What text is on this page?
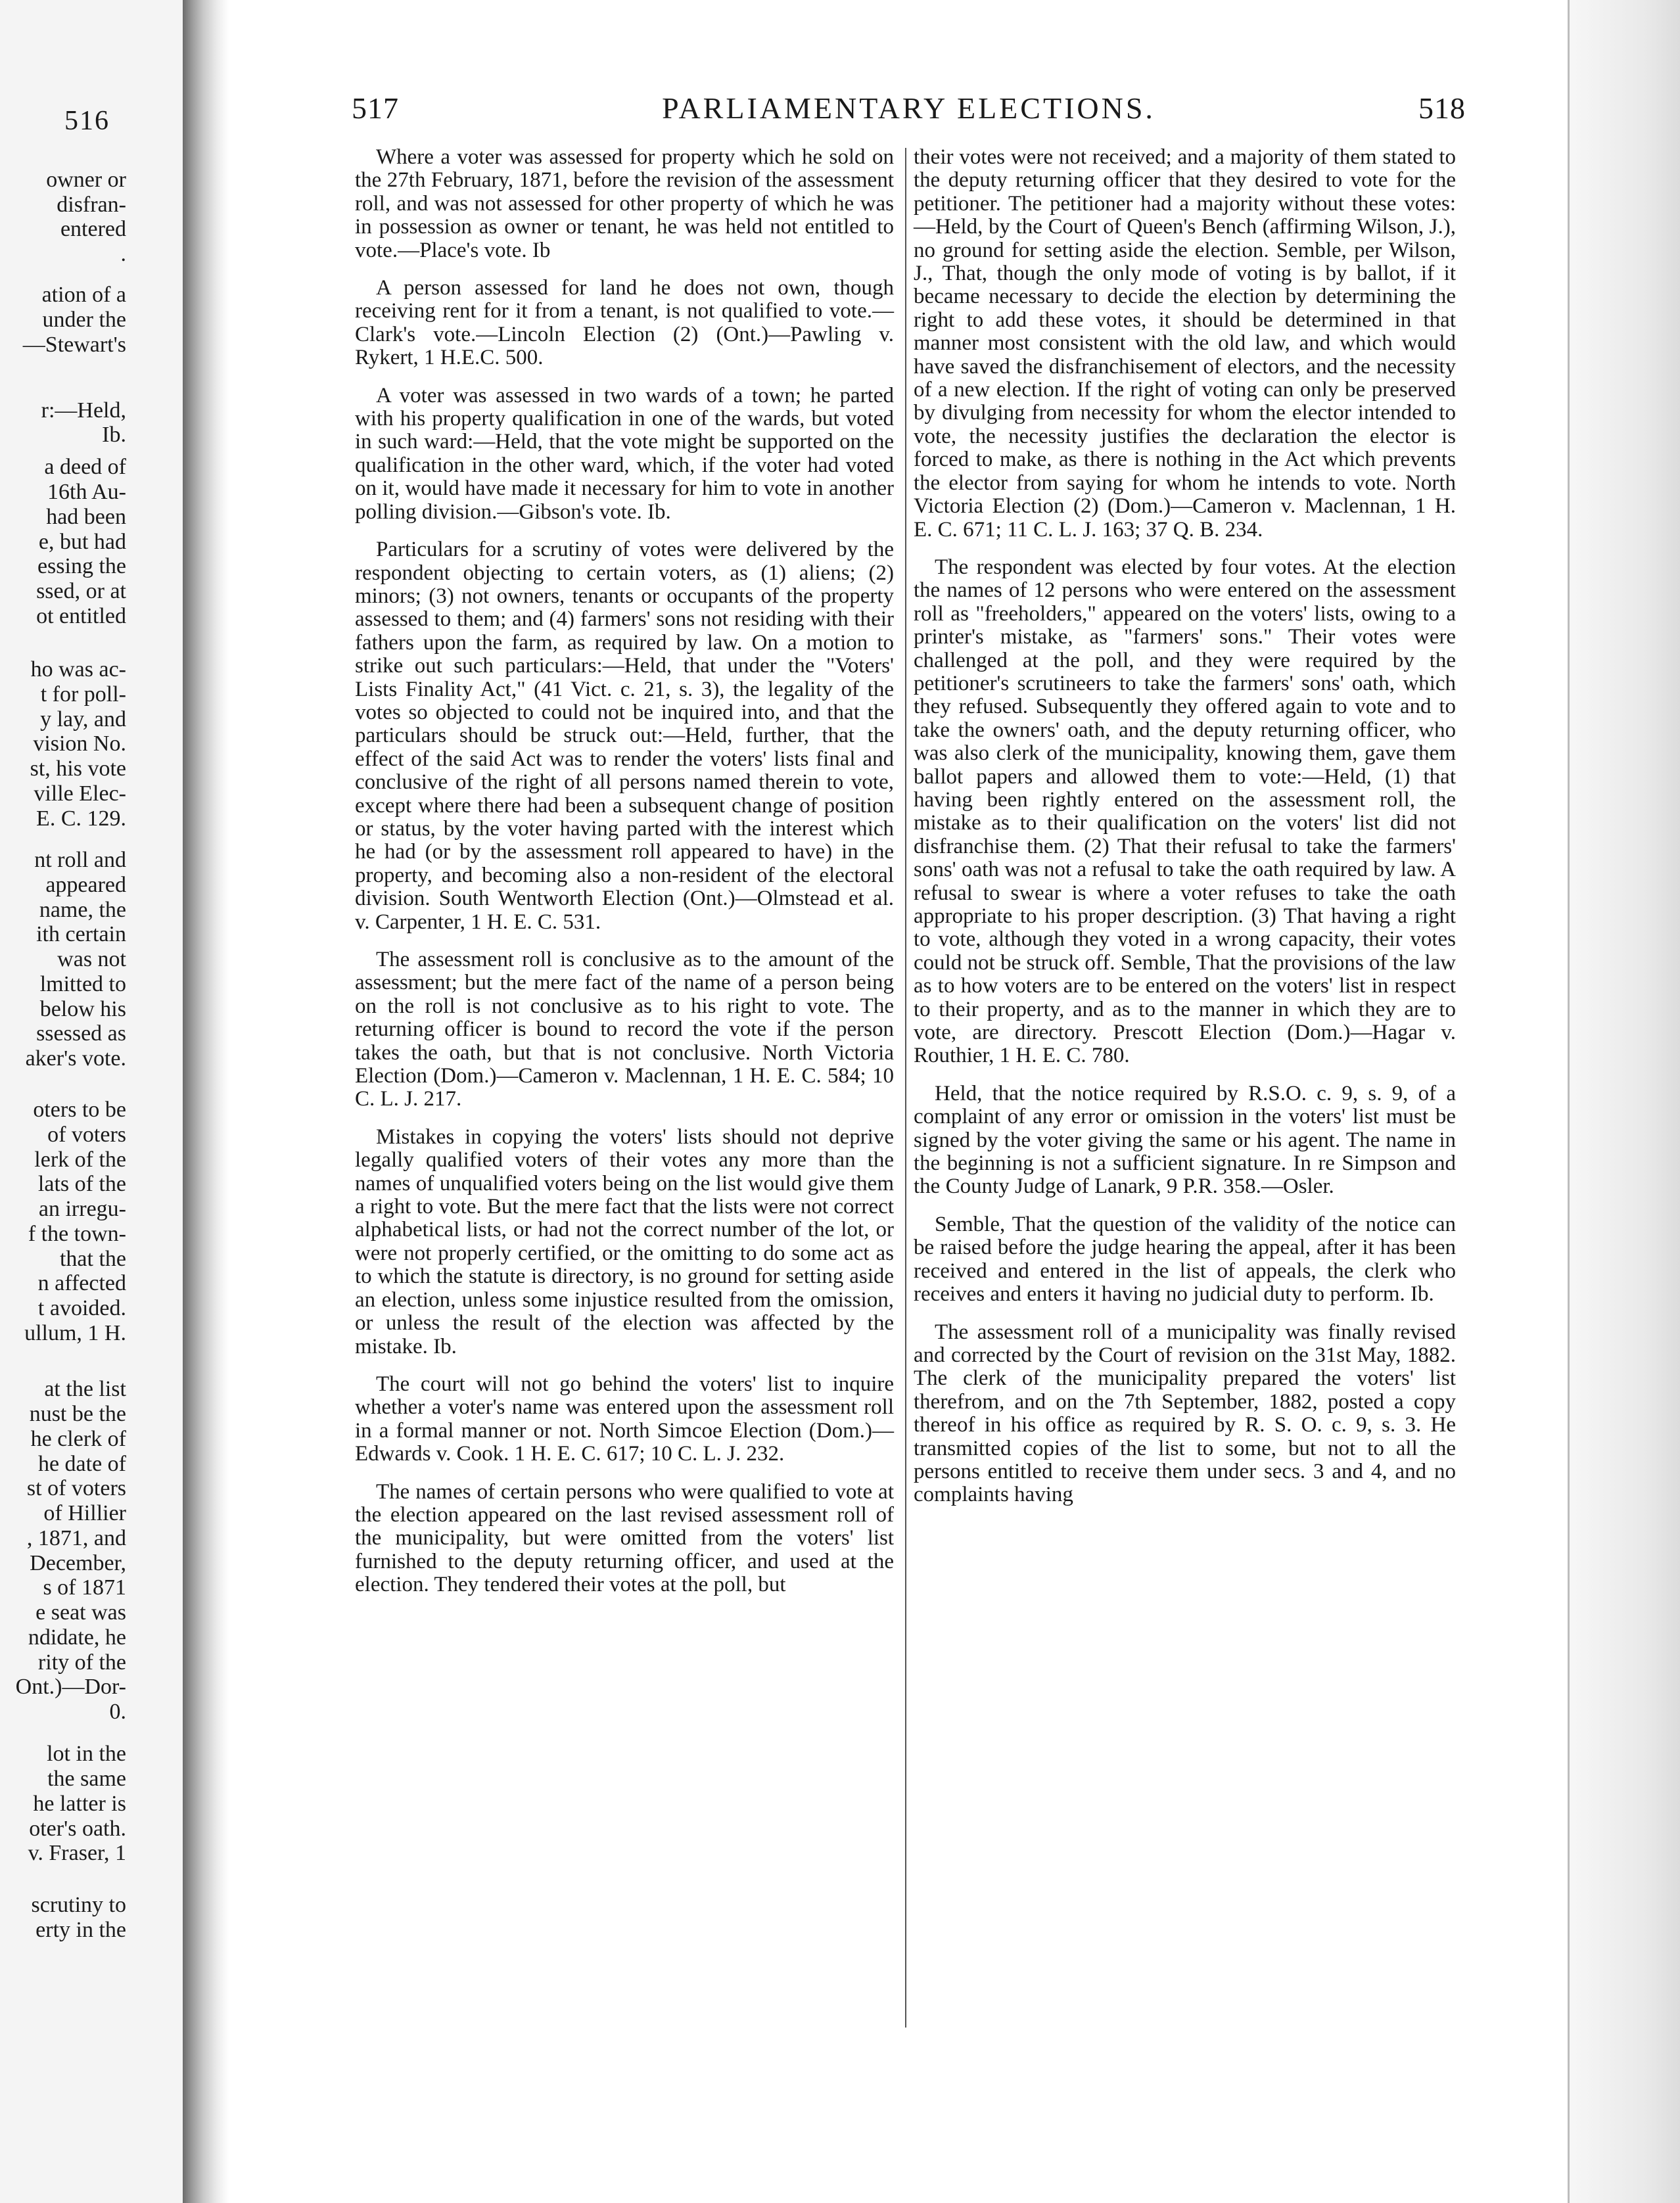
516
owner or
disfran-
entered
.
ation of a
under the
—Stewart's
r:—Held,
Ib.
a deed of
16th Au-
had been
e, but had
essing the
ssed, or at
ot entitled
ho was ac-
t for poll-
y lay, and
vision No.
st, his vote
ville Elec-
E. C. 129.
nt roll and
appeared
name, the
ith certain
was not
lmitted to
below his
ssessed as
aker's vote.
oters to be
of voters
lerk of the
lats of the
an irregu-
f the town-
that the
n affected
t avoided.
ullum, 1 H.
at the list
nust be the
he clerk of
he date of
st of voters
of Hillier
, 1871, and
December,
s of 1871
e seat was
ndidate, he
rity of the
Ont.)—Dor-
0.
lot in the
the same
he latter is
oter's oath.
v. Fraser, 1
scrutiny to
erty in the
517	PARLIAMENTARY ELECTIONS.	518

Where a voter was assessed for property which he sold on the 27th February, 1871, before the revision of the assessment roll, and was not assessed for other property of which he was in possession as owner or tenant, he was held not entitled to vote.—Place's vote. Ib

A person assessed for land he does not own, though receiving rent for it from a tenant, is not qualified to vote.—Clark's vote.—Lincoln Election (2) (Ont.)—Pawling v. Rykert, 1 H.E.C. 500.

A voter was assessed in two wards of a town; he parted with his property qualification in one of the wards, but voted in such ward:—Held, that the vote might be supported on the qualification in the other ward, which, if the voter had voted on it, would have made it necessary for him to vote in another polling division.—Gibson's vote. Ib.

Particulars for a scrutiny of votes were delivered by the respondent objecting to certain voters, as (1) aliens; (2) minors; (3) not owners, tenants or occupants of the property assessed to them; and (4) farmers' sons not residing with their fathers upon the farm, as required by law. On a motion to strike out such particulars:—Held, that under the "Voters' Lists Finality Act," (41 Vict. c. 21, s. 3), the legality of the votes so objected to could not be inquired into, and that the particulars should be struck out:—Held, further, that the effect of the said Act was to render the voters' lists final and conclusive of the right of all persons named therein to vote, except where there had been a subsequent change of position or status, by the voter having parted with the interest which he had (or by the assessment roll appeared to have) in the property, and becoming also a non-resident of the electoral division. South Wentworth Election (Ont.)—Olmstead et al. v. Carpenter, 1 H. E. C. 531.

The assessment roll is conclusive as to the amount of the assessment; but the mere fact of the name of a person being on the roll is not conclusive as to his right to vote. The returning officer is bound to record the vote if the person takes the oath, but that is not conclusive. North Victoria Election (Dom.)—Cameron v. Maclennan, 1 H. E. C. 584; 10 C. L. J. 217.

Mistakes in copying the voters' lists should not deprive legally qualified voters of their votes any more than the names of unqualified voters being on the list would give them a right to vote. But the mere fact that the lists were not correct alphabetical lists, or had not the correct number of the lot, or were not properly certified, or the omitting to do some act as to which the statute is directory, is no ground for setting aside an election, unless some injustice resulted from the omission, or unless the result of the election was affected by the mistake. Ib.

The court will not go behind the voters' list to inquire whether a voter's name was entered upon the assessment roll in a formal manner or not. North Simcoe Election (Dom.)—Edwards v. Cook. 1 H. E. C. 617; 10 C. L. J. 232.

The names of certain persons who were qualified to vote at the election appeared on the last revised assessment roll of the municipality, but were omitted from the voters' list furnished to the deputy returning officer, and used at the election. They tendered their votes at the poll, but

their votes were not received; and a majority of them stated to the deputy returning officer that they desired to vote for the petitioner. The petitioner had a majority without these votes:—Held, by the Court of Queen's Bench (affirming Wilson, J.), no ground for setting aside the election. Semble, per Wilson, J., That, though the only mode of voting is by ballot, if it became necessary to decide the election by determining the right to add these votes, it should be determined in that manner most consistent with the old law, and which would have saved the disfranchisement of electors, and the necessity of a new election. If the right of voting can only be preserved by divulging from necessity for whom the elector intended to vote, the necessity justifies the declaration the elector is forced to make, as there is nothing in the Act which prevents the elector from saying for whom he intends to vote. North Victoria Election (2) (Dom.)—Cameron v. Maclennan, 1 H. E. C. 671; 11 C. L. J. 163; 37 Q. B. 234.

The respondent was elected by four votes. At the election the names of 12 persons who were entered on the assessment roll as "freeholders," appeared on the voters' lists, owing to a printer's mistake, as "farmers' sons." Their votes were challenged at the poll, and they were required by the petitioner's scrutineers to take the farmers' sons' oath, which they refused. Subsequently they offered again to vote and to take the owners' oath, and the deputy returning officer, who was also clerk of the municipality, knowing them, gave them ballot papers and allowed them to vote:—Held, (1) that having been rightly entered on the assessment roll, the mistake as to their qualification on the voters' list did not disfranchise them. (2) That their refusal to take the farmers' sons' oath was not a refusal to take the oath required by law. A refusal to swear is where a voter refuses to take the oath appropriate to his proper description. (3) That having a right to vote, although they voted in a wrong capacity, their votes could not be struck off. Semble, That the provisions of the law as to how voters are to be entered on the voters' list in respect to their property, and as to the manner in which they are to vote, are directory. Prescott Election (Dom.)—Hagar v. Routhier, 1 H. E. C. 780.

Held, that the notice required by R.S.O. c. 9, s. 9, of a complaint of any error or omission in the voters' list must be signed by the voter giving the same or his agent. The name in the beginning is not a sufficient signature. In re Simpson and the County Judge of Lanark, 9 P.R. 358.—Osler.

Semble, That the question of the validity of the notice can be raised before the judge hearing the appeal, after it has been received and entered in the list of appeals, the clerk who receives and enters it having no judicial duty to perform. Ib.

The assessment roll of a municipality was finally revised and corrected by the Court of revision on the 31st May, 1882. The clerk of the municipality prepared the voters' list therefrom, and on the 7th September, 1882, posted a copy thereof in his office as required by R. S. O. c. 9, s. 3. He transmitted copies of the list to some, but not to all the persons entitled to receive them under secs. 3 and 4, and no complaints having
